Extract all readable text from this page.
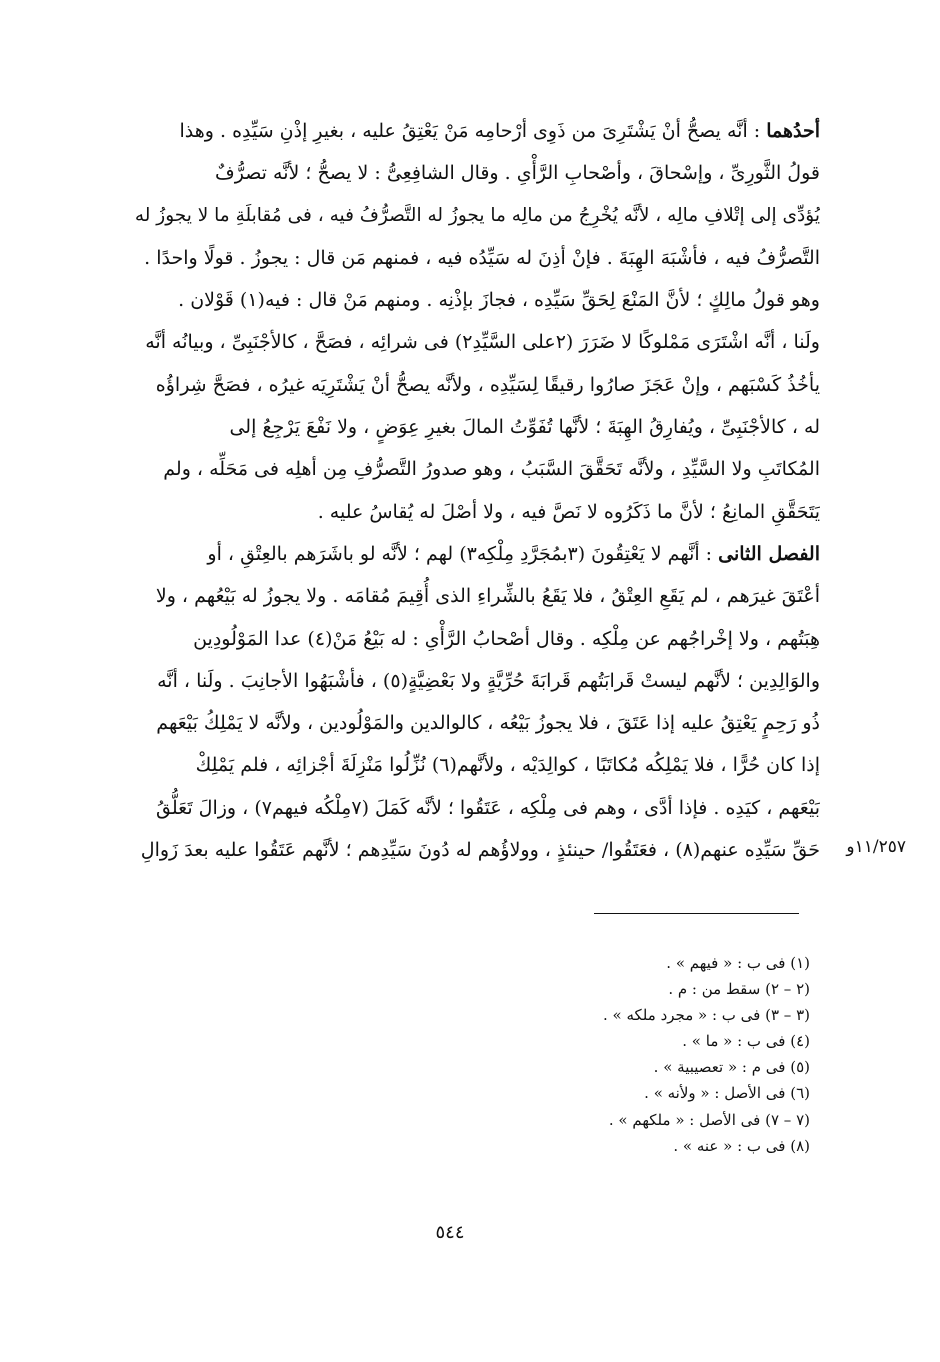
أحدُهما : أنَّه يصحُّ أنْ يَشْتَرِىَ من ذَوِى أرْحامِه مَنْ يَعْتِقُ عليه ، بغيرِ إذْنِ سَيِّدِه . وهذا
قولُ الثَّورِىِّ ، وإسْحاقَ ، وأصْحابِ الرَّأْىِ . وقال الشافِعِىُّ : لا يصحُّ ؛ لأنَّه تصرُّفٌ
يُؤدِّى إلى إتْلافِ مالِه ، لأنَّه يُخْرِجُ من مالِه ما يجوزُ له التَّصرُّفُ فيه ، فى مُقابلَةِ ما لا يجوزُ له
التَّصرُّفُ فيه ، فأشْبَهَ الهِبَةَ . فإنْ أذِنَ له سَيِّدُه فيه ، فمنهم مَن قال : يجوزُ . قولًا واحدًا .
وهو قولُ مالِكٍ ؛ لأنَّ المَنْعَ لِحَقِّ سَيِّدِه ، فجازَ بإذْنِه . ومنهم مَنْ قال : فيه(١) قَوْلان .
ولَنا ، أنَّه اشْتَرَى مَمْلوكًا لا ضَرَرَ (٢على السَّيِّدِ٢) فى شرائِه ، فصَحَّ ، كالأجْنَبِىِّ ، وبيانُه أنَّه
يأخُذُ كَسْبَهم ، وإنْ عَجَزَ صارُوا رقيقًا لِسَيِّدِه ، ولأنَّه يصحُّ أنْ يَشْتَرِيَه غيرُه ، فصَحَّ شِراؤُه
له ، كالأجْنَبِىِّ ، ويُفارِقُ الهِبَةَ ؛ لأنَّها تُفَوِّتُ المالَ بغيرِ عِوَضٍ ، ولا نَفْعَ يَرْجِعُ إلى
المُكاتَبِ ولا السَّيِّدِ ، ولأنَّه تَحَقَّقَ السَّبَبُ ، وهو صدورُ التَّصرُّفِ مِن أهلِه فى مَحَلِّه ، ولم
يَتَحَقَّقِ المانِعُ ؛ لأنَّ ما ذَكَرُوه لا نَصَّ فيه ، ولا أصْلَ له يُقاسُ عليه .
الفصل الثانى : أنَّهم لا يَعْتِقُونَ (٣بمُجَرَّدِ مِلْكِه٣) لهم ؛ لأنَّه لو باشَرَهم بالعِتْقِ ، أو
أعْتَقَ غيرَهم ، لم يَقَعِ العِتْقُ ، فلا يَقَعُ بالشِّراءِ الذى أُقِيمَ مُقامَه . ولا يجوزُ له بَيْعُهم ، ولا
هِبَتُهم ، ولا إخْراجُهم عن مِلْكِه . وقال أصْحابُ الرَّأْىِ : له بَيْعُ مَنْ(٤) عدا المَوْلُودِين
والوَالِدِين ؛ لأنَّهم ليستْ قَرابَتُهم قَرابَةَ حُرِّيَّةٍ ولا بَعْضِيَّةٍ(٥) ، فأشْبَهُوا الأجانِبَ . ولَنا ، أنَّه
ذُو رَحِمٍ يَعْتِقُ عليه إذا عَتَقَ ، فلا يجوزُ بَيْعُه ، كالوالدين والمَوْلُودين ، ولأنَّه لا يَمْلِكُ بَيْعَهم
إذا كان حُرًّا ، فلا يَمْلِكُه مُكاتَبًا ، كوالِدَيْه ، ولأنَّهم(٦) نُزِّلُوا مَنْزِلَةَ أجْزائِه ، فلم يَمْلِكْ
بَيْعَهم ، كيَدِه . فإذا أدَّى ، وهم فى مِلْكِه ، عَتَقُوا ؛ لأنَّه كَمَلَ (٧مِلْكُه فيهم٧) ، وزالَ تَعَلُّقُ
حَقِّ سَيِّدِه عنهم(٨) ، فعَتَقُوا/ حينئذٍ ، وولاؤُهم له دُونَ سَيِّدِهم ؛ لأنَّهم عَتَقُوا عليه بعدَ زَوالِ	١١/٢٥٧و
(١) فى ب : « فيهم » .
(٢ – ٢) سقط من : م .
(٣ – ٣) فى ب : « مجرد ملكه » .
(٤) فى ب : « ما » .
(٥) فى م : « تعصيبية » .
(٦) فى الأصل : « ولأنه » .
(٧ – ٧) فى الأصل : « ملكهم » .
(٨) فى ب : « عنه » .
٥٤٤
